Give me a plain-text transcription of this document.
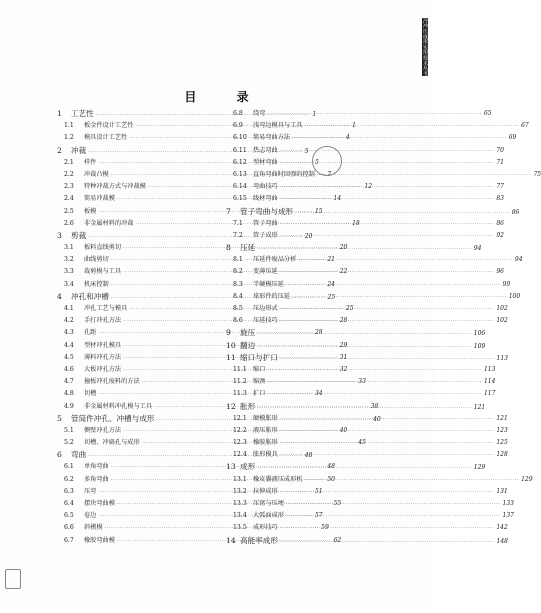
冷冲压成形实用技术丛书
目 录
1	工艺性 ·····	1
1.1	板金件设计工艺性 ·····	1
1.2	模具设计工艺性 ·····	4
2	冲裁 ·····	5
2.1	样件 ·····	5
2.2	冲裁凸模 ·····	7
2.3	特种冲裁方式与冲裁模 ·····	12
2.4	简易冲裁模 ·····	14
2.5	板模 ·····	15
2.6	非金属材料的冲裁 ·····	18
3	剪裁 ·····	20
3.1	板料直线剪切 ·····	20
3.2	曲线剪切 ·····	21
3.3	裁剪模与工具 ·····	22
3.4	机床控制 ·····	24
4	冲孔和冲槽 ·····	25
4.1	冲孔工艺与模具 ·····	25
4.2	手打冲孔方法 ·····	28
4.3	孔距 ·····	28
4.4	型材冲孔模具 ·····	29
4.5	薄料冲孔方法 ·····	31
4.6	大板冲孔方法 ·····	32
4.7	撞板冲孔废料的方法 ·····	33
4.8	切槽 ·····	34
4.9	非金属材料冲孔模与工具 ·····	38
5	管筒件冲孔、冲槽与成形 ·····	40
5.1	侧壁冲孔方法 ·····	40
5.2	切槽、冲扁孔与成形 ·····	45
6	弯曲 ·····	48
6.1	单角弯曲 ·····	48
6.2	多角弯曲 ·····	50
6.3	压弯 ·····	51
6.4	摆块弯曲模 ·····	55
6.5	卷边 ·····	57
6.6	斜楔模 ·····	59
6.7	橡胶弯曲模 ·····	62
6.8	绕弯 ·····	65
6.9	浅弯边模具与工具 ·····	67
6.10	简易弯曲方法 ·····	69
6.11	热志弯曲 ·····	70
6.12	型材弯曲 ·····	71
6.13	直角弯曲时回弹的控制 ·····	75
6.14	弯曲技巧 ·····	77
6.15	线材弯曲 ·····	83
7	管子弯曲与成形 ·····	86
7.1	管子弯曲 ·····	86
7.2	管子成形 ·····	92
8	压延 ·····	94
8.1	压延件废品分析 ·····	94
8.2	变薄压延 ·····	96
8.3	半硬模压延 ·····	99
8.4	球形件的压延 ·····	100
8.5	压边形式 ·····	102
8.6	压延技巧 ·····	102
9	旋压 ·····	106
10 翻边 ·····	109
11 缩口与扩口 ·····	113
11.1	缩口 ·····	113
11.2	缩颈 ·····	114
11.3	扩口 ·····	117
12 胀形 ·····	121
12.1	硬模胀形 ·····	121
12.2	液压胀形 ·····	123
12.3	橡胶胀形 ·····	125
12.4	胀形模具 ·····	128
13 成形 ·····	129
13.1	橡皮囊液压成形机 ·····	129
13.2	拉伸成形 ·····	131
13.3	压窝与压埂 ·····	133
13.4	大弧面成形 ·····	137
13.5	成形技巧 ·····	142
14 高能率成形 ·····	148
